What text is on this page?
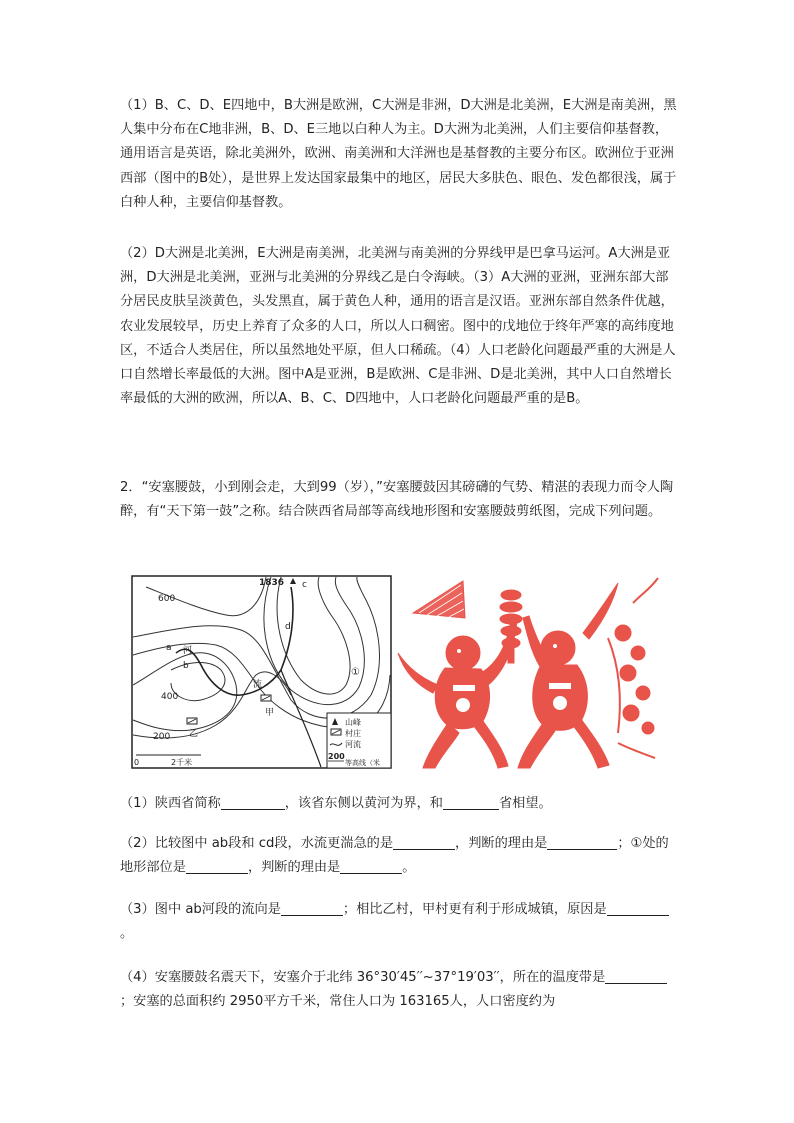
（1）B、C、D、E四地中，B大洲是欧洲，C大洲是非洲，D大洲是北美洲，E大洲是南美洲，黑人集中分布在C地非洲，B、D、E三地以白种人为主。D大洲为北美洲，人们主要信仰基督教，通用语言是英语，除北美洲外，欧洲、南美洲和大洋洲也是基督教的主要分布区。欧洲位于亚洲西部（图中的B处），是世界上发达国家最集中的地区，居民大多肤色、眼色、发色都很浅，属于白种人种，主要信仰基督教。

（2）D大洲是北美洲，E大洲是南美洲，北美洲与南美洲的分界线甲是巴拿马运河。A大洲是亚洲，D大洲是北美洲，亚洲与北美洲的分界线乙是白令海峡。（3）A大洲的亚洲，亚洲东部大部分居民皮肤呈淡黄色，头发黑直，属于黄色人种，通用的语言是汉语。亚洲东部自然条件优越，农业发展较早，历史上养育了众多的人口，所以人口稠密。图中的戊地位于终年严寒的高纬度地区，不适合人类居住，所以虽然地处平原，但人口稀疏。（4）人口老龄化问题最严重的大洲是人口自然增长率最低的大洲。图中A是亚洲，B是欧洲、C是非洲、D是北美洲，其中人口自然增长率最低的大洲的欧洲，所以A、B、C、D四地中，人口老龄化问题最严重的是B。

2．“安塞腰鼓，小到刚会走，大到99（岁），”安塞腰鼓因其磅礴的气势、精湛的表现力而令人陶醉，有“天下第一鼓”之称。结合陕西省局部等高线地形图和安塞腰鼓剪纸图，完成下列问题。

1836 c
d
a
b
河
流
①
600
400
200
甲
乙
0	2千米
山峰
村庄
河流
200
等高线（米

（1）陕西省简称	，该省东侧以黄河为界，和	省相望。

（2）比较图中 ab段和 cd段，水流更湍急的是	，判断的理由是	；①处的地形部位是	，判断的理由是	。

（3）图中 ab河段的流向是	；相比乙村，甲村更有利于形成城镇，原因是。

（4）安塞腰鼓名震天下，安塞介于北纬 36°30′45′′~37°19′03′′，所在的温度带是；安塞的总面积约 2950平方千米，常住人口为 163165人，人口密度约为
